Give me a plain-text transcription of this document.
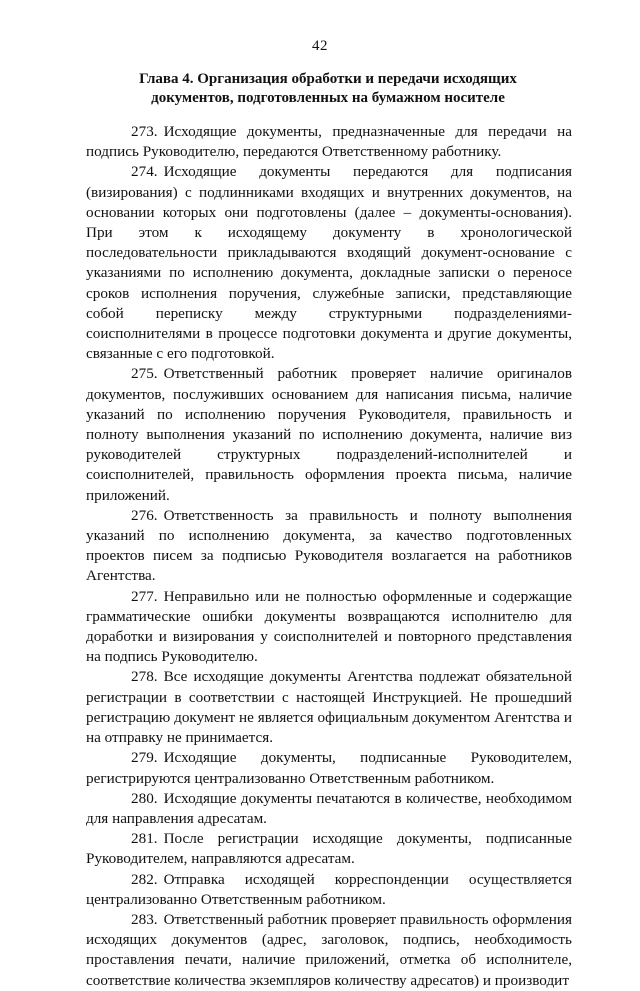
42
Глава 4. Организация обработки и передачи исходящих
документов, подготовленных на бумажном носителе

273. Исходящие документы, предназначенные для передачи на подпись Руководителю, передаются Ответственному работнику.

274. Исходящие документы передаются для подписания (визирования) с подлинниками входящих и внутренних документов, на основании которых они подготовлены (далее – документы-основания). При этом к исходящему документу в хронологической последовательности прикладываются входящий документ-основание с указаниями по исполнению документа, докладные записки о переносе сроков исполнения поручения, служебные записки, представляющие собой переписку между структурными подразделениями-соисполнителями в процессе подготовки документа и другие документы, связанные с его подготовкой.

275. Ответственный работник проверяет наличие оригиналов документов, послуживших основанием для написания письма, наличие указаний по исполнению поручения Руководителя, правильность и полноту выполнения указаний по исполнению документа, наличие виз руководителей структурных подразделений-исполнителей и соисполнителей, правильность оформления проекта письма, наличие приложений.

276. Ответственность за правильность и полноту выполнения указаний по исполнению документа, за качество подготовленных проектов писем за подписью Руководителя возлагается на работников Агентства.

277. Неправильно или не полностью оформленные и содержащие грамматические ошибки документы возвращаются исполнителю для доработки и визирования у соисполнителей и повторного представления на подпись Руководителю.

278. Все исходящие документы Агентства подлежат обязательной регистрации в соответствии с настоящей Инструкцией. Не прошедший регистрацию документ не является официальным документом Агентства и на отправку не принимается.

279. Исходящие документы, подписанные Руководителем, регистрируются централизованно Ответственным работником.

280. Исходящие документы печатаются в количестве, необходимом для направления адресатам.

281. После регистрации исходящие документы, подписанные Руководителем, направляются адресатам.

282. Отправка исходящей корреспонденции осуществляется централизованно Ответственным работником.

283. Ответственный работник проверяет правильность оформления исходящих документов (адрес, заголовок, подпись, необходимость проставления печати, наличие приложений, отметка об исполнителе, соответствие количества экземпляров количеству адресатов) и производит
